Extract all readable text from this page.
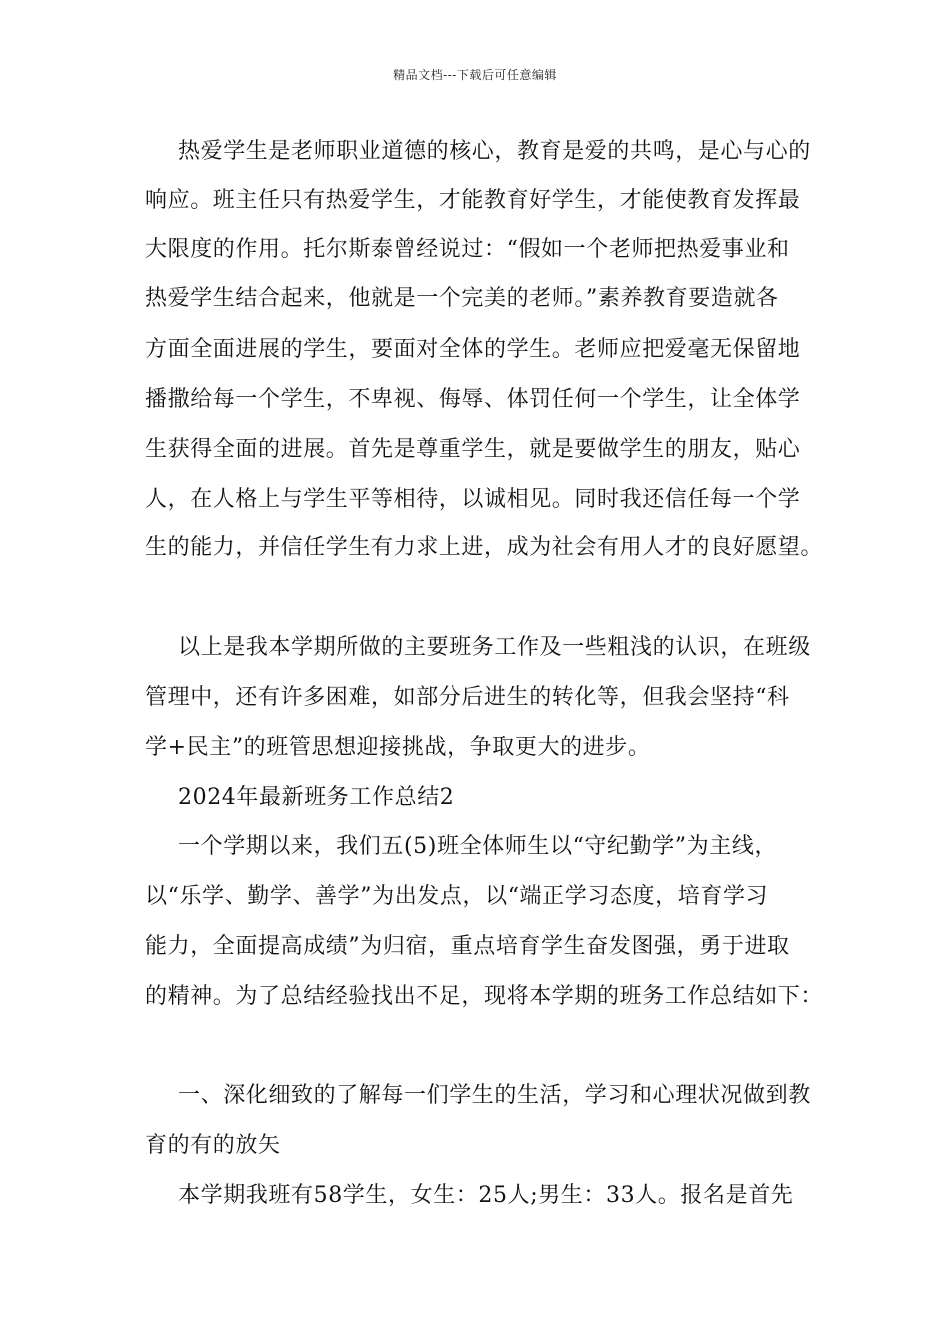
精品文档---下载后可任意编辑
热爱学生是老师职业道德的核心，教育是爱的共鸣，是心与心的
响应。班主任只有热爱学生，才能教育好学生，才能使教育发挥最
大限度的作用。托尔斯泰曾经说过：“假如一个老师把热爱事业和
热爱学生结合起来，他就是一个完美的老师。”素养教育要造就各
方面全面进展的学生，要面对全体的学生。老师应把爱毫无保留地
播撒给每一个学生，不卑视、侮辱、体罚任何一个学生，让全体学
生获得全面的进展。首先是尊重学生，就是要做学生的朋友，贴心
人，在人格上与学生平等相待，以诚相见。同时我还信任每一个学
生的能力，并信任学生有力求上进，成为社会有用人才的良好愿望。
以上是我本学期所做的主要班务工作及一些粗浅的认识，在班级
管理中，还有许多困难，如部分后进生的转化等，但我会坚持“科
学+民主”的班管思想迎接挑战，争取更大的进步。
2024年最新班务工作总结2
一个学期以来，我们五(5)班全体师生以“守纪勤学”为主线，
以“乐学、勤学、善学”为出发点，以“端正学习态度，培育学习
能力，全面提高成绩”为归宿，重点培育学生奋发图强，勇于进取
的精神。为了总结经验找出不足，现将本学期的班务工作总结如下：
一、深化细致的了解每一们学生的生活，学习和心理状况做到教
育的有的放矢
本学期我班有58学生，女生：25人;男生：33人。报名是首先
